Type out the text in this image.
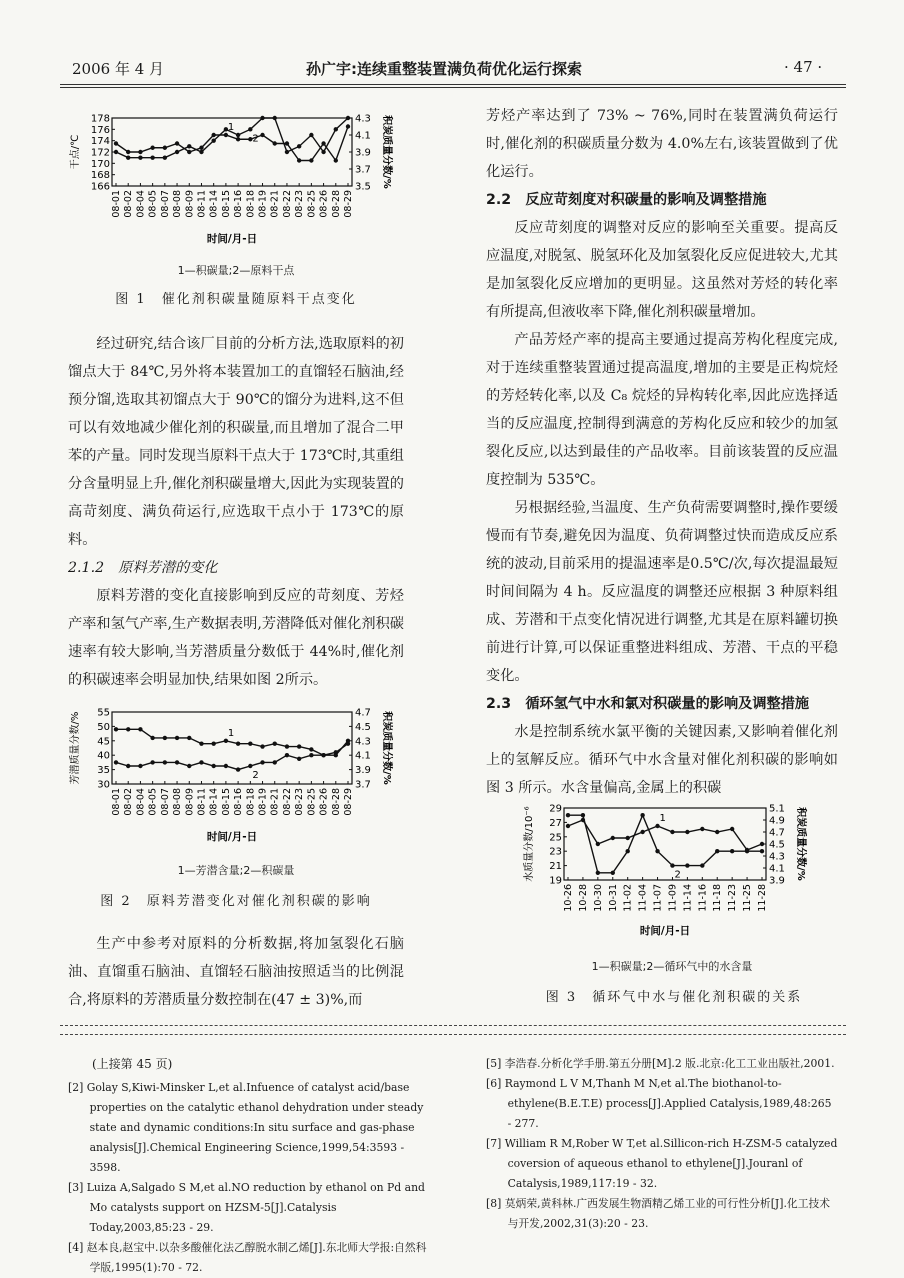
2006 年 4 月	孙广宇:连续重整装置满负荷优化运行探索	· 47 ·
166
168
170
172
174
176
178
3.5
3.7
3.9
4.1
4.3
08-01 08-02 08-04 08-05 08-07 08-08 08-09 08-11 08-14 08-15 08-16 08-18 08-19 08-21 08-22 08-23 08-25 08-26 08-28 08-29
1
2
干点/℃	积炭质量分数/%
时间/月-日
1—积碳量;2—原料干点
图 1　催化剂积碳量随原料干点变化

经过研究,结合该厂目前的分析方法,选取原料的初馏点大于 84℃,另外将本装置加工的直馏轻石脑油,经预分馏,选取其初馏点大于 90℃的馏分为进料,这不但可以有效地减少催化剂的积碳量,而且增加了混合二甲苯的产量。同时发现当原料干点大于 173℃时,其重组分含量明显上升,催化剂积碳量增大,因此为实现装置的高苛刻度、满负荷运行,应选取干点小于 173℃的原料。

2.1.2　原料芳潜的变化

原料芳潜的变化直接影响到反应的苛刻度、芳烃产率和氢气产率,生产数据表明,芳潜降低对催化剂积碳速率有较大影响,当芳潜质量分数低于 44%时,催化剂的积碳速率会明显加快,结果如图 2所示。

30
35
40
45
50
55
3.7
3.9
4.1
4.3
4.5
4.7
08-01 08-02 08-04 08-05 08-07 08-08 08-09 08-11 08-14 08-15 08-16 08-18 08-19 08-21 08-22 08-23 08-25 08-26 08-28 08-29
1
2
芳潜质量分数/%	积炭质量分数/%
时间/月-日
1—芳潜含量;2—积碳量
图 2　原料芳潜变化对催化剂积碳的影响

生产中参考对原料的分析数据,将加氢裂化石脑油、直馏重石脑油、直馏轻石脑油按照适当的比例混合,将原料的芳潜质量分数控制在(47 ± 3)%,而

芳烃产率达到了 73% ~ 76%,同时在装置满负荷运行时,催化剂的积碳质量分数为 4.0%左右,该装置做到了优化运行。

2.2　反应苛刻度对积碳量的影响及调整措施

反应苛刻度的调整对反应的影响至关重要。提高反应温度,对脱氢、脱氢环化及加氢裂化反应促进较大,尤其是加氢裂化反应增加的更明显。这虽然对芳烃的转化率有所提高,但液收率下降,催化剂积碳量增加。

产品芳烃产率的提高主要通过提高芳构化程度完成,对于连续重整装置通过提高温度,增加的主要是正构烷烃的芳烃转化率,以及 C₈ 烷烃的异构转化率,因此应选择适当的反应温度,控制得到满意的芳构化反应和较少的加氢裂化反应,以达到最佳的产品收率。目前该装置的反应温度控制为 535℃。

另根据经验,当温度、生产负荷需要调整时,操作要缓慢而有节奏,避免因为温度、负荷调整过快而造成反应系统的波动,目前采用的提温速率是0.5℃/次,每次提温最短时间间隔为 4 h。反应温度的调整还应根据 3 种原料组成、芳潜和干点变化情况进行调整,尤其是在原料罐切换前进行计算,可以保证重整进料组成、芳潜、干点的平稳变化。

2.3　循环氢气中水和氯对积碳量的影响及调整措施

水是控制系统水氯平衡的关键因素,又影响着催化剂上的氢解反应。循环气中水含量对催化剂积碳的影响如图 3 所示。水含量偏高,金属上的积碳

19
21
23
25
27
29
3.9
4.1
4.3
4.5
4.7
4.9
5.1
10-26 10-28 10-30 10-31 11-02 11-04 11-07 11-09 11-14 11-16 11-18 11-23 11-25 11-28
1
2
水质量分数/10⁻⁶	积炭质量分数/%
时间/月-日
1—积碳量;2—循环气中的水含量
图 3　循环气中水与催化剂积碳的关系
(上接第 45 页)
[2] Golay S,Kiwi-Minsker L,et al.Infuence of catalyst acid/base properties on the catalytic ethanol dehydration under steady state and dynamic conditions:In situ surface and gas-phase analysis[J].Chemical Engineering Science,1999,54:3593 - 3598.
[3] Luiza A,Salgado S M,et al.NO reduction by ethanol on Pd and Mo catalysts support on HZSM-5[J].Catalysis Today,2003,85:23 - 29.
[4] 赵本良,赵宝中.以杂多酸催化法乙醇脱水制乙烯[J].东北师大学报:自然科学版,1995(1):70 - 72.
[5] 李浩春.分析化学手册.第五分册[M].2 版.北京:化工工业出版社,2001.
[6] Raymond L V M,Thanh M N,et al.The biothanol-to-ethylene(B.E.T.E) process[J].Applied Catalysis,1989,48:265 - 277.
[7] William R M,Rober W T,et al.Sillicon-rich H-ZSM-5 catalyzed coversion of aqueous ethanol to ethylene[J].Jouranl of Catalysis,1989,117:19 - 32.
[8] 莫炳荣,黄科林.广西发展生物酒精乙烯工业的可行性分析[J].化工技术与开发,2002,31(3):20 - 23.
